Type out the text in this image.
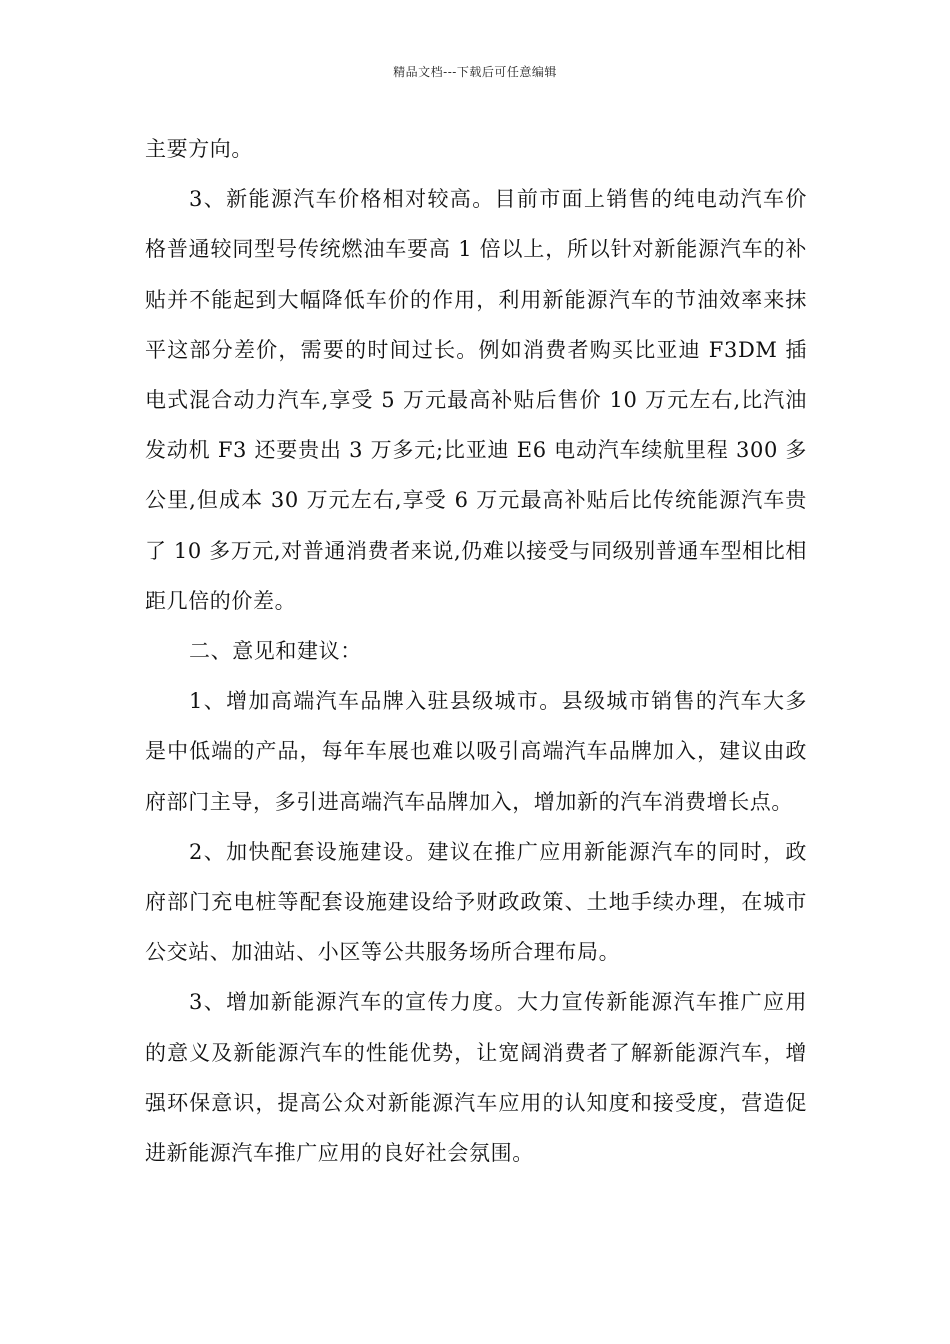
精品文档---下载后可任意编辑

主要方向。

3、新能源汽车价格相对较高。目前市面上销售的纯电动汽车价格普通较同型号传统燃油车要高 1 倍以上，所以针对新能源汽车的补贴并不能起到大幅降低车价的作用，利用新能源汽车的节油效率来抹平这部分差价，需要的时间过长。例如消费者购买比亚迪 F3DM 插电式混合动力汽车,享受 5 万元最高补贴后售价 10 万元左右,比汽油发动机 F3 还要贵出 3 万多元;比亚迪 E6 电动汽车续航里程 300 多公里,但成本 30 万元左右,享受 6 万元最高补贴后比传统能源汽车贵了 10 多万元,对普通消费者来说,仍难以接受与同级别普通车型相比相距几倍的价差。

二、意见和建议：

1、增加高端汽车品牌入驻县级城市。县级城市销售的汽车大多是中低端的产品，每年车展也难以吸引高端汽车品牌加入，建议由政府部门主导，多引进高端汽车品牌加入，增加新的汽车消费增长点。

2、加快配套设施建设。建议在推广应用新能源汽车的同时，政府部门充电桩等配套设施建设给予财政政策、土地手续办理，在城市公交站、加油站、小区等公共服务场所合理布局。

3、增加新能源汽车的宣传力度。大力宣传新能源汽车推广应用的意义及新能源汽车的性能优势，让宽阔消费者了解新能源汽车，增强环保意识，提高公众对新能源汽车应用的认知度和接受度，营造促进新能源汽车推广应用的良好社会氛围。
